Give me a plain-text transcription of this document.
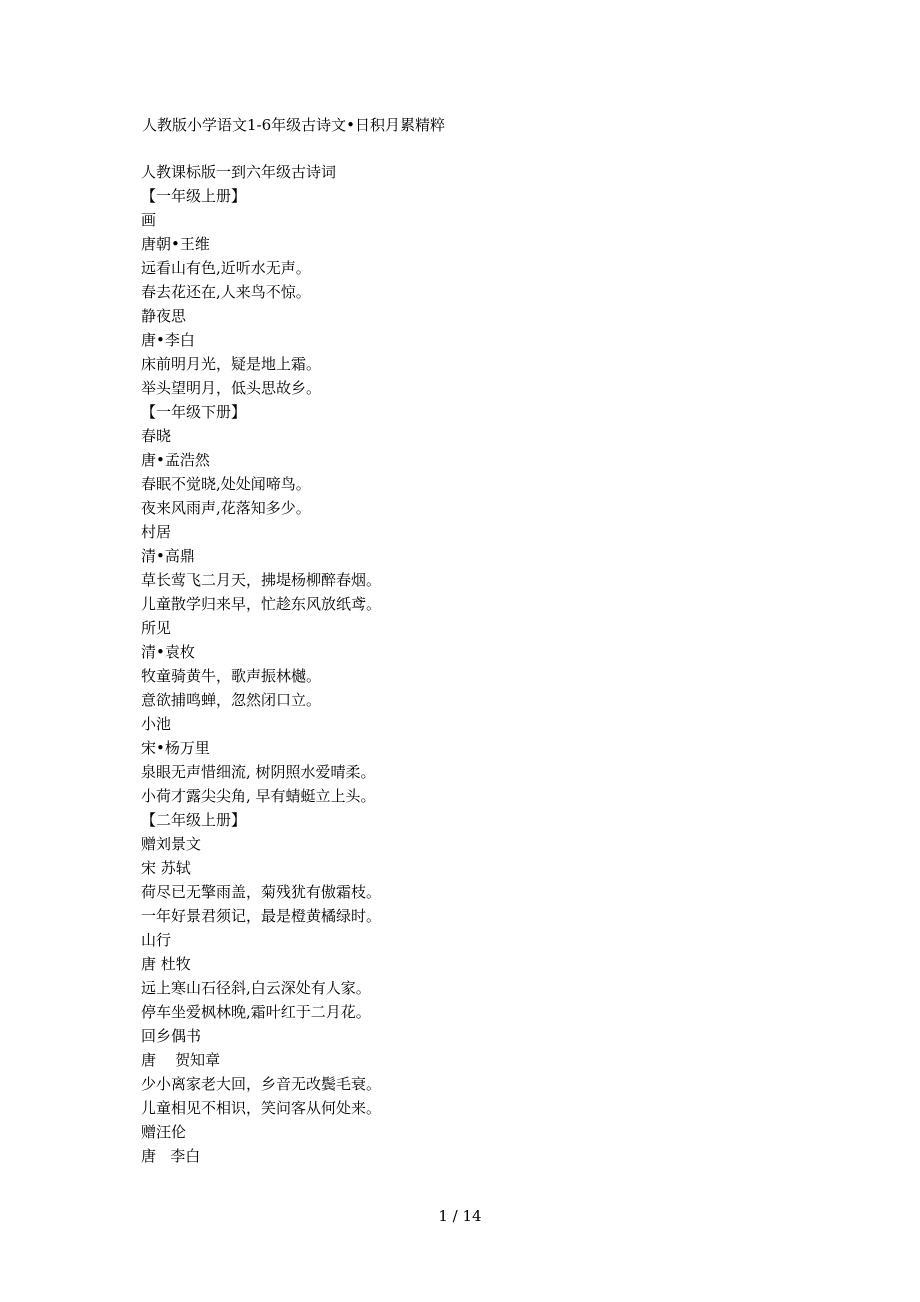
人教版小学语文1-6年级古诗文•日积月累精粹
人教课标版一到六年级古诗词
【一年级上册】
画
唐朝•王维
远看山有色,近听水无声。
春去花还在,人来鸟不惊。
静夜思
唐•李白
床前明月光，疑是地上霜。
举头望明月，低头思故乡。
【一年级下册】
春晓
唐•孟浩然
春眠不觉晓,处处闻啼鸟。
夜来风雨声,花落知多少。
村居
清•高鼎
草长莺飞二月天，拂堤杨柳醉春烟。
儿童散学归来早，忙趁东风放纸鸢。
所见
清•袁枚
牧童骑黄牛，歌声振林樾。
意欲捕鸣蝉，忽然闭口立。
小池
宋•杨万里
泉眼无声惜细流, 树阴照水爱晴柔。
小荷才露尖尖角, 早有蜻蜓立上头。
【二年级上册】
赠刘景文
宋 苏轼
荷尽已无擎雨盖，菊残犹有傲霜枝。
一年好景君须记，最是橙黄橘绿时。
山行
唐 杜牧
远上寒山石径斜,白云深处有人家。
停车坐爱枫林晚,霜叶红于二月花。
回乡偶书
唐    贺知章
少小离家老大回，乡音无改鬓毛衰。
儿童相见不相识，笑问客从何处来。
赠汪伦
唐   李白
1 / 14
